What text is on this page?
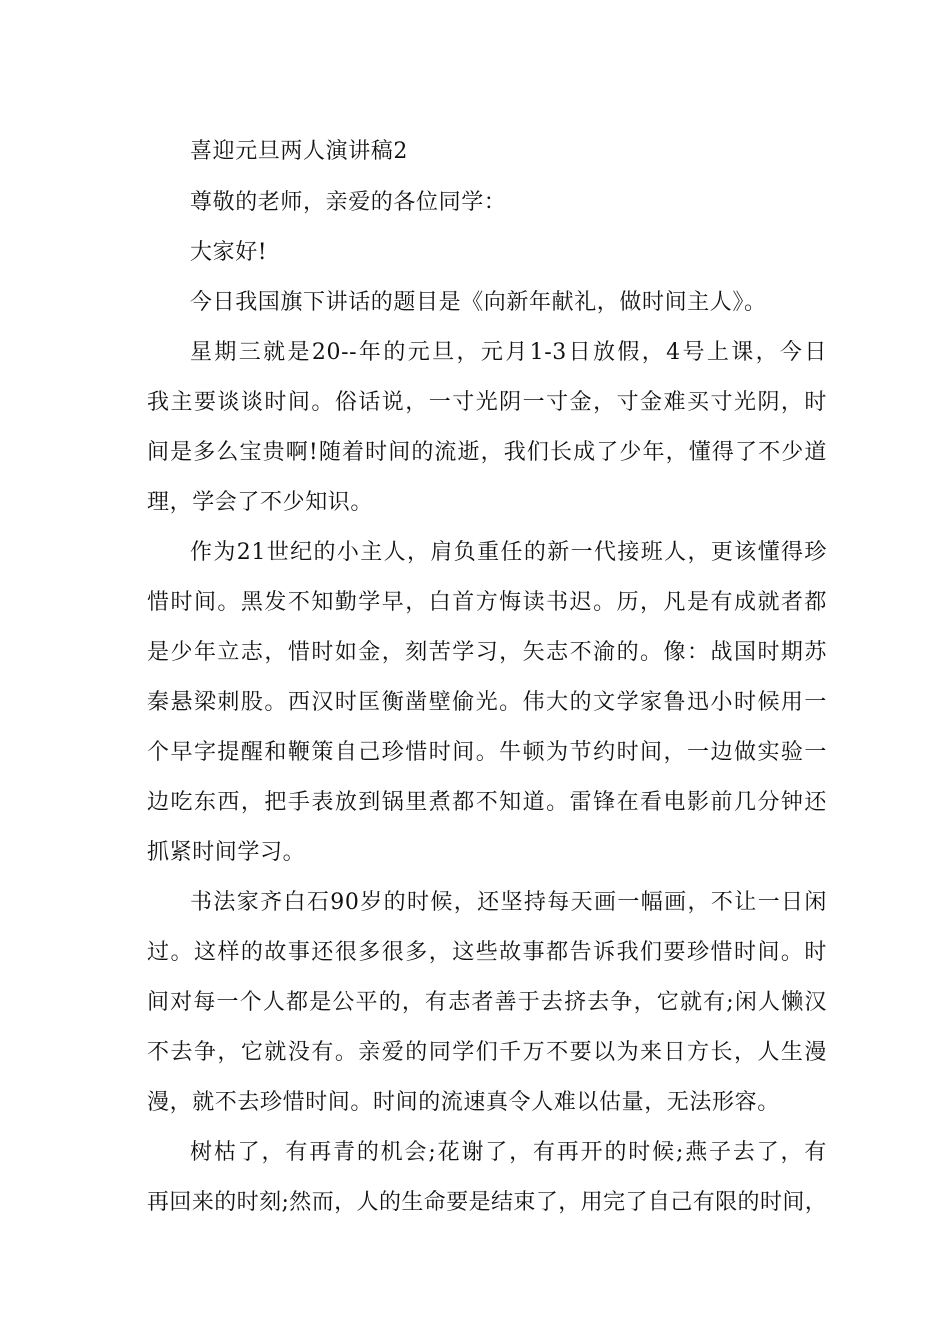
喜迎元旦两人演讲稿2
尊敬的老师，亲爱的各位同学：
大家好!
今日我国旗下讲话的题目是《向新年献礼，做时间主人》。
星期三就是20--年的元旦，元月1-3日放假，4号上课，今日
我主要谈谈时间。俗话说，一寸光阴一寸金，寸金难买寸光阴，时
间是多么宝贵啊!随着时间的流逝，我们长成了少年，懂得了不少道
理，学会了不少知识。
作为21世纪的小主人，肩负重任的新一代接班人，更该懂得珍
惜时间。黑发不知勤学早，白首方悔读书迟。历，凡是有成就者都
是少年立志，惜时如金，刻苦学习，矢志不渝的。像：战国时期苏
秦悬梁刺股。西汉时匡衡凿壁偷光。伟大的文学家鲁迅小时候用一
个早字提醒和鞭策自己珍惜时间。牛顿为节约时间，一边做实验一
边吃东西，把手表放到锅里煮都不知道。雷锋在看电影前几分钟还
抓紧时间学习。
书法家齐白石90岁的时候，还坚持每天画一幅画，不让一日闲
过。这样的故事还很多很多，这些故事都告诉我们要珍惜时间。时
间对每一个人都是公平的，有志者善于去挤去争，它就有;闲人懒汉
不去争，它就没有。亲爱的同学们千万不要以为来日方长，人生漫
漫，就不去珍惜时间。时间的流速真令人难以估量，无法形容。
树枯了，有再青的机会;花谢了，有再开的时候;燕子去了，有
再回来的时刻;然而，人的生命要是结束了，用完了自己有限的时间，
